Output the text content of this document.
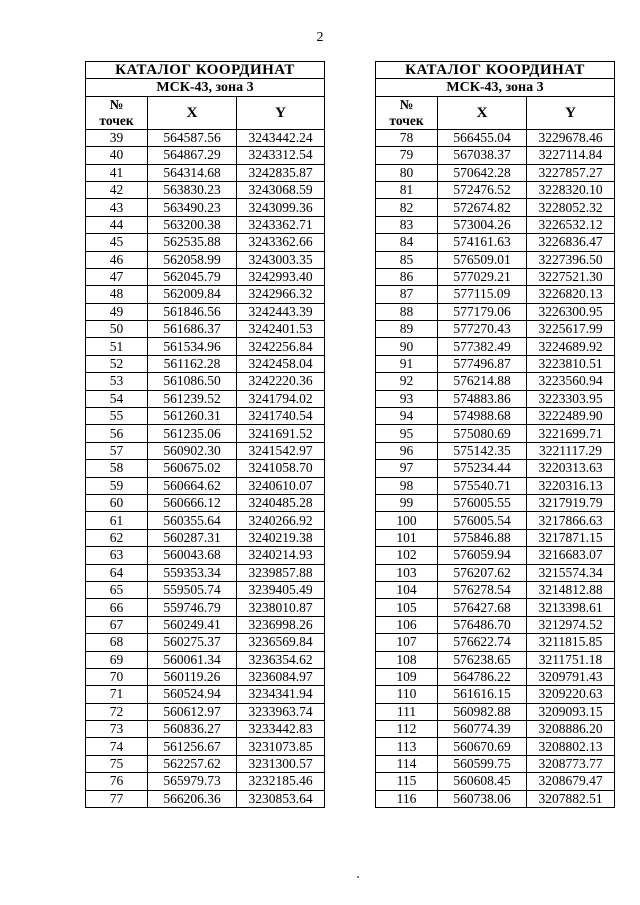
2
КАТАЛОГ КООРДИНАТ		
МСК-43, зона 3		
№
точек	X	Y
39	564587.56	3243442.24
40	564867.29	3243312.54
41	564314.68	3242835.87
42	563830.23	3243068.59
43	563490.23	3243099.36
44	563200.38	3243362.71
45	562535.88	3243362.66
46	562058.99	3243003.35
47	562045.79	3242993.40
48	562009.84	3242966.32
49	561846.56	3242443.39
50	561686.37	3242401.53
51	561534.96	3242256.84
52	561162.28	3242458.04
53	561086.50	3242220.36
54	561239.52	3241794.02
55	561260.31	3241740.54
56	561235.06	3241691.52
57	560902.30	3241542.97
58	560675.02	3241058.70
59	560664.62	3240610.07
60	560666.12	3240485.28
61	560355.64	3240266.92
62	560287.31	3240219.38
63	560043.68	3240214.93
64	559353.34	3239857.88
65	559505.74	3239405.49
66	559746.79	3238010.87
67	560249.41	3236998.26
68	560275.37	3236569.84
69	560061.34	3236354.62
70	560119.26	3236084.97
71	560524.94	3234341.94
72	560612.97	3233963.74
73	560836.27	3233442.83
74	561256.67	3231073.85
75	562257.62	3231300.57
76	565979.73	3232185.46
77	566206.36	3230853.64
КАТАЛОГ КООРДИНАТ		
МСК-43, зона 3		
№
точек	X	Y
78	566455.04	3229678.46
79	567038.37	3227114.84
80	570642.28	3227857.27
81	572476.52	3228320.10
82	572674.82	3228052.32
83	573004.26	3226532.12
84	574161.63	3226836.47
85	576509.01	3227396.50
86	577029.21	3227521.30
87	577115.09	3226820.13
88	577179.06	3226300.95
89	577270.43	3225617.99
90	577382.49	3224689.92
91	577496.87	3223810.51
92	576214.88	3223560.94
93	574883.86	3223303.95
94	574988.68	3222489.90
95	575080.69	3221699.71
96	575142.35	3221117.29
97	575234.44	3220313.63
98	575540.71	3220316.13
99	576005.55	3217919.79
100	576005.54	3217866.63
101	575846.88	3217871.15
102	576059.94	3216683.07
103	576207.62	3215574.34
104	576278.54	3214812.88
105	576427.68	3213398.61
106	576486.70	3212974.52
107	576622.74	3211815.85
108	576238.65	3211751.18
109	564786.22	3209791.43
110	561616.15	3209220.63
111	560982.88	3209093.15
112	560774.39	3208886.20
113	560670.69	3208802.13
114	560599.75	3208773.77
115	560608.45	3208679.47
116	560738.06	3207882.51
